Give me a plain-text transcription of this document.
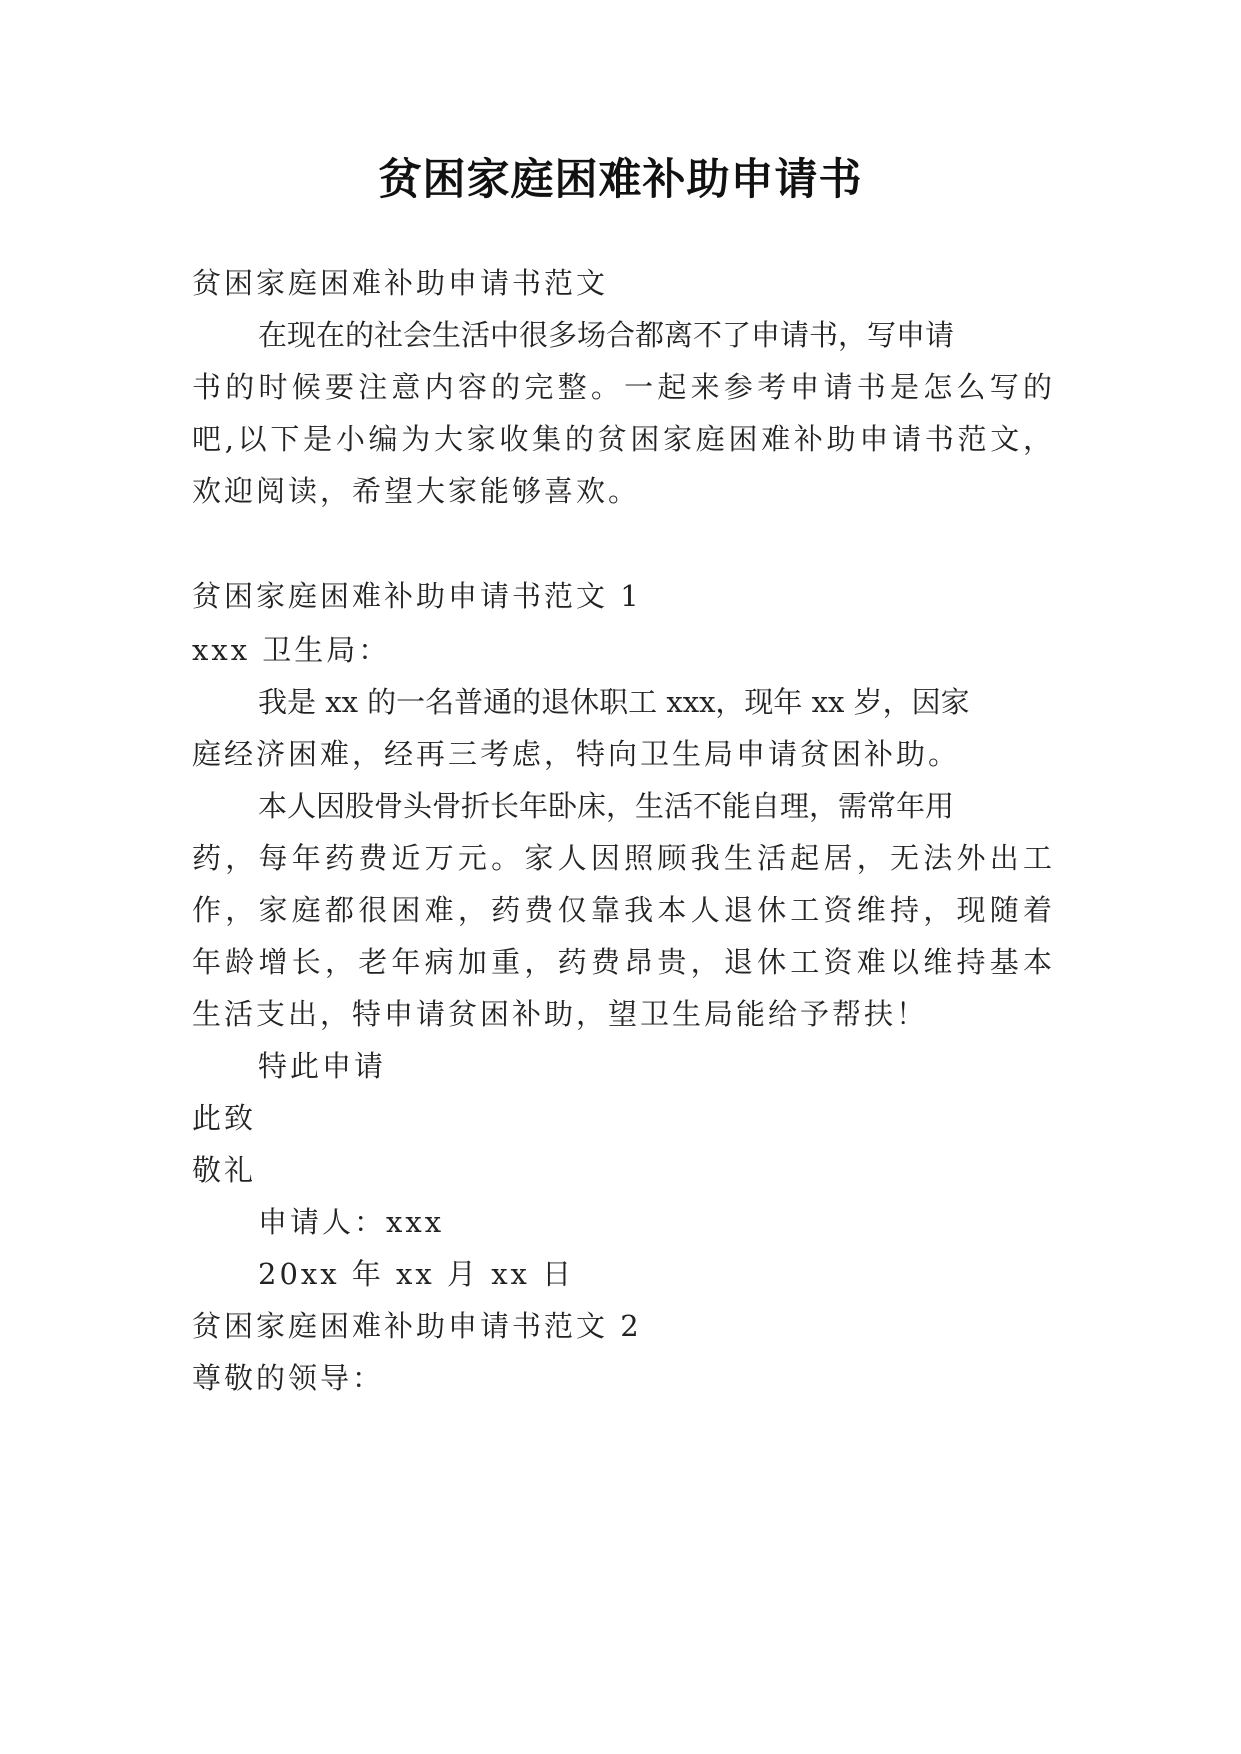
贫困家庭困难补助申请书
贫困家庭困难补助申请书范文
在现在的社会生活中很多场合都离不了申请书，写申请
书的时候要注意内容的完整。一起来参考申请书是怎么写的
吧,以下是小编为大家收集的贫困家庭困难补助申请书范文，
欢迎阅读，希望大家能够喜欢。
贫困家庭困难补助申请书范文 1
xxx 卫生局：
我是 xx 的一名普通的退休职工 xxx，现年 xx 岁，因家
庭经济困难，经再三考虑，特向卫生局申请贫困补助。
本人因股骨头骨折长年卧床，生活不能自理，需常年用
药，每年药费近万元。家人因照顾我生活起居，无法外出工
作，家庭都很困难，药费仅靠我本人退休工资维持，现随着
年龄增长，老年病加重，药费昂贵，退休工资难以维持基本
生活支出，特申请贫困补助，望卫生局能给予帮扶！
特此申请
此致
敬礼
申请人：xxx
20xx 年 xx 月 xx 日
贫困家庭困难补助申请书范文 2
尊敬的领导：
